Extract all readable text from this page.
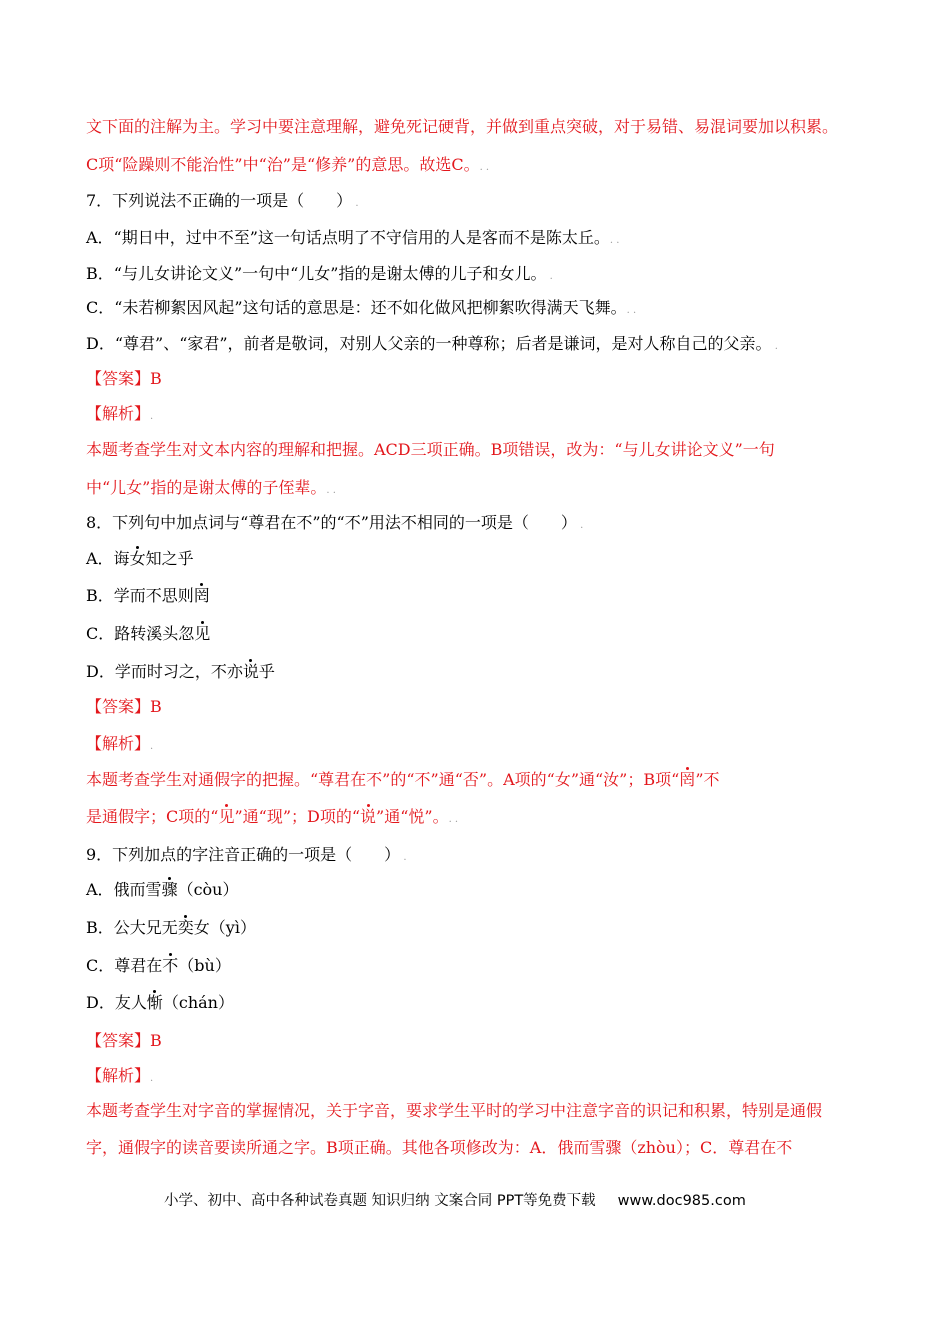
文下面的注解为主。学习中要注意理解，避免死记硬背，并做到重点突破，对于易错、易混词要加以积累。
C项“险躁则不能治性”中“治”是“修养”的意思。故选C。. .
7．下列说法不正确的一项是（　　） .
A．“期日中，过中不至”这一句话点明了不守信用的人是客而不是陈太丘。. .
B．“与儿女讲论文义”一句中“儿女”指的是谢太傅的儿子和女儿。 .
C．“未若柳絮因风起”这句话的意思是：还不如化做风把柳絮吹得满天飞舞。. .
D．“尊君”、“家君”，前者是敬词，对别人父亲的一种尊称；后者是谦词，是对人称自己的父亲。 .
【答案】B
【解析】.
本题考查学生对文本内容的理解和把握。ACD三项正确。B项错误，改为：“与儿女讲论文义”一句
中“儿女”指的是谢太傅的子侄辈。. .
8．下列句中加点词与“尊君在不”的“不”用法不相同的一项是（　　） .
A．诲女知之乎
B．学而不思则罔
C．路转溪头忽见
D．学而时习之，不亦说乎
【答案】B
【解析】.
本题考查学生对通假字的把握。“尊君在不”的“不”通“否”。A项的“女”通“汝”；B项“罔”不
是通假字；C项的“见”通“现”；D项的“说”通“悦”。. .
9．下列加点的字注音正确的一项是（　　） .
A．俄而雪骤（còu）
B．公大兄无奕女（yì）
C．尊君在不（bù）
D．友人惭（chán）
【答案】B
【解析】.
本题考查学生对字音的掌握情况，关于字音，要求学生平时的学习中注意字音的识记和积累，特别是通假
字，通假字的读音要读所通之字。B项正确。其他各项修改为：A．俄而雪骤（zhòu）；C．尊君在不
小学、初中、高中各种试卷真题 知识归纳 文案合同 PPT等免费下载 www.doc985.com
